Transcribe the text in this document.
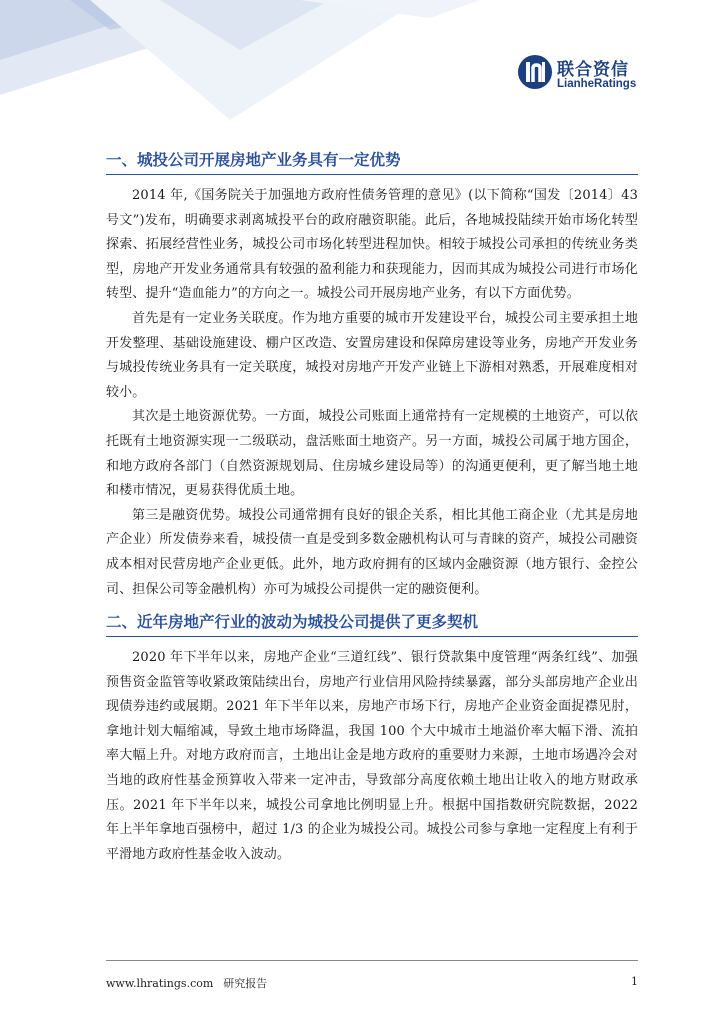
联合资信
LianheRatings
一、城投公司开展房地产业务具有一定优势

2014 年,《国务院关于加强地方政府性债务管理的意见》(以下简称“国发〔2014〕43 号文”)发布，明确要求剥离城投平台的政府融资职能。此后，各地城投陆续开始市场化转型探索、拓展经营性业务，城投公司市场化转型进程加快。相较于城投公司承担的传统业务类型，房地产开发业务通常具有较强的盈利能力和获现能力，因而其成为城投公司进行市场化转型、提升“造血能力”的方向之一。城投公司开展房地产业务，有以下方面优势。

首先是有一定业务关联度。作为地方重要的城市开发建设平台，城投公司主要承担土地开发整理、基础设施建设、棚户区改造、安置房建设和保障房建设等业务，房地产开发业务与城投传统业务具有一定关联度，城投对房地产开发产业链上下游相对熟悉，开展难度相对较小。

其次是土地资源优势。一方面，城投公司账面上通常持有一定规模的土地资产，可以依托既有土地资源实现一二级联动，盘活账面土地资产。另一方面，城投公司属于地方国企，和地方政府各部门（自然资源规划局、住房城乡建设局等）的沟通更便利，更了解当地土地和楼市情况，更易获得优质土地。

第三是融资优势。城投公司通常拥有良好的银企关系，相比其他工商企业（尤其是房地产企业）所发债券来看，城投债一直是受到多数金融机构认可与青睐的资产，城投公司融资成本相对民营房地产企业更低。此外，地方政府拥有的区域内金融资源（地方银行、金控公司、担保公司等金融机构）亦可为城投公司提供一定的融资便利。

二、近年房地产行业的波动为城投公司提供了更多契机

2020 年下半年以来，房地产企业“三道红线”、银行贷款集中度管理“两条红线”、加强预售资金监管等收紧政策陆续出台，房地产行业信用风险持续暴露，部分头部房地产企业出现债券违约或展期。2021 年下半年以来，房地产市场下行，房地产企业资金面捉襟见肘，拿地计划大幅缩减，导致土地市场降温，我国 100 个大中城市土地溢价率大幅下滑、流拍率大幅上升。对地方政府而言，土地出让金是地方政府的重要财力来源，土地市场遇冷会对当地的政府性基金预算收入带来一定冲击，导致部分高度依赖土地出让收入的地方财政承压。2021 年下半年以来，城投公司拿地比例明显上升。根据中国指数研究院数据，2022 年上半年拿地百强榜中，超过 1/3 的企业为城投公司。城投公司参与拿地一定程度上有利于平滑地方政府性基金收入波动。

www.lhratings.com 研究报告	1
